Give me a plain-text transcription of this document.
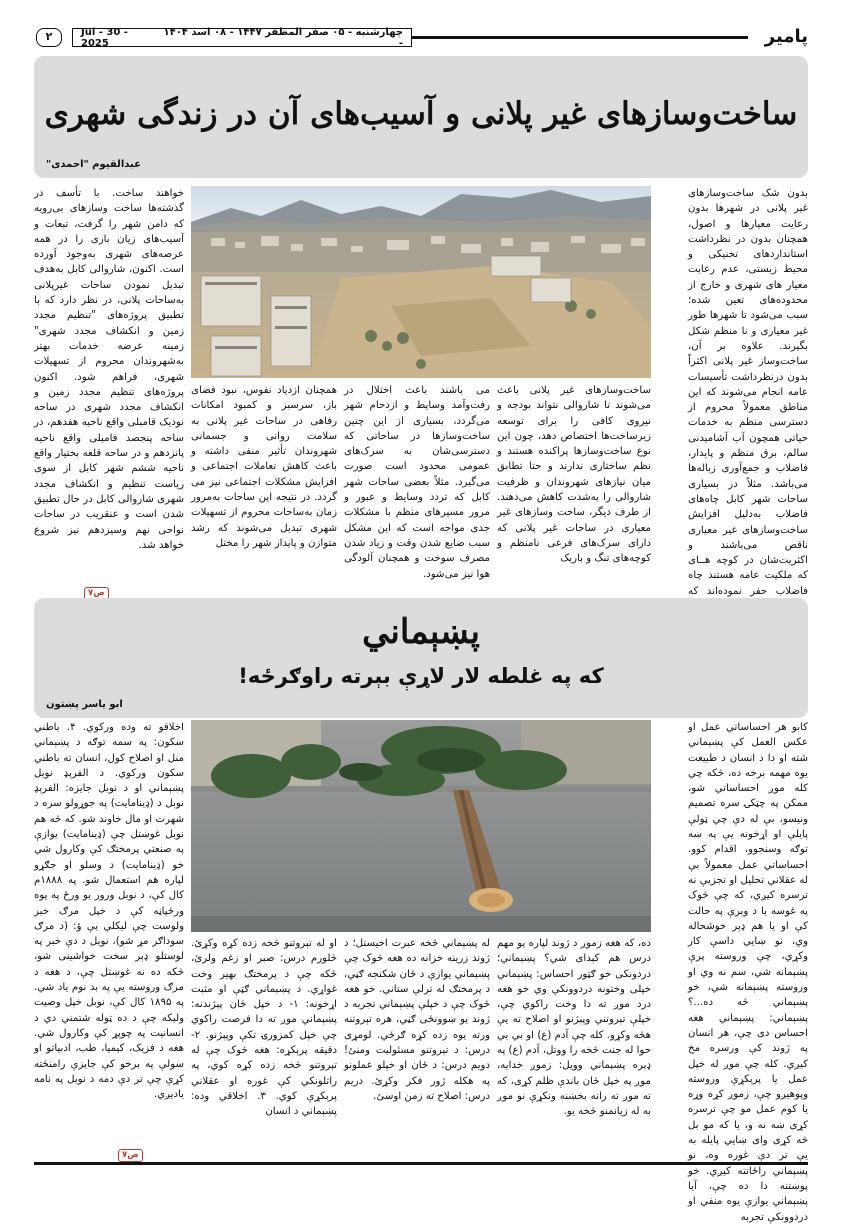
پامیر
چهارشنبه - ۰۵ صفر المظفر ۱۴۴۷ - ۰۸ اسد ۱۴۰۴ -
Jul - 30 - 2025
۲
ساخت‌وسازهای غیر پلانی و آسیب‌های آن در زندگی شهری
عبدالقیوم "احمدی"

بدون شک ساخت‌وسازهای غیر پلانی در شهرها بدون رعایت معیارها و اصول، همچنان بدون در نظرداشت استانداردهای تخنیکی و محیط زیستی، عدم رعایت معیار های شهری و خارج از محدوده‌های تعین شده؛ سبب می‌شود تا شهرها طور غیر معیاری و نا منظم شکل بگیرند. علاوه بر آن، ساخت‌وساز غیر پلانی اکثراً بدون درنظرداشت تأسیسات عامه انجام می‌شوند که این مناطق معمولاً محروم از دسترسی منظم به خدمات حیاتی همچون آب آشامیدنی سالم، برق منظم و پایدار، فاضلاب و جمع‌آوری زباله‌ها می‌باشد. مثلاً در بسیاری ساحات شهر کابل چاه‌های فاضلاب به‌دلیل افزایش ساخت‌وسازهای غیر معیاری ناقص می‌باشند و اکثریت‌شان در کوچه هــای که ملکیت عامه هستند چاه فاضلاب حفر نموده‌اند که

ساخت‌وسازهای غیر پلانی باعث می‌شوند تا شاروالی نتواند بودجه و نیروی کافی را برای توسعه زیرساخت‌ها اختصاص دهد، چون این نوع ساخت‌وسازها پراکنده هستند و نظم ساختاری ندارند و حتا تطابق میان نیازهای شهروندان و ظرفیت شاروالی را به‌شدت کاهش می‌دهند. از طرف دیگر، ساخت وسازهای غیر معیاری در ساحات غیر پلانی که دارای سرک‌های فرعی نامنظم و کوچه‌های تنگ و باریک

می باشند باعث اختلال در رفت‌وآمد وسایط و ازدحام شهر می‌گردد، بسیاری از این چنین ساخت‌وسازها در ساحاتی که دسترسی‌شان به سرک‌های عمومی محدود است صورت می‌گیرد. مثلاً بعضی ساحات شهر کابل که تردد وسایط و عبور و مرور مسیرهای منظم با مشکلات جدی مواجه است که این مشکل سبب ضایع شدن وقت و زیاد شدن مصرف سوخت و همچنان آلودگی هوا نیز می‌شود.

همچنان ازدیاد نفوس، نبود فضای باز، سرسبز و کمبود امکانات رفاهی در ساحات غیر پلانی به سلامت روانی و جسمانی شهروندان تأثیر منفی داشته و باعث کاهش تعاملات اجتماعی و افزایش مشکلات اجتماعی نیز می گردد. در نتیجه این ساحات به‌مرور زمان به‌ساحات محروم از تسهیلات شهری تبدیل می‌شوند که رشد متوازن و پایدار شهر را مختل

خواهند ساخت. با تأسف در گذشته‌ها ساخت وسازهای بی‌رویه که دامن شهر را گرفت، تبعات و آسیب‌های زیان باری را در همه عرصه‌های شهری به‌وجود آورده است. اکنون، شاروالی کابل به‌هدف تبدیل نمودن ساحات غیرپلانی به‌ساحات پلانی، در نظر دارد که با تطبیق پروژه‌های "تنظیم مجدد زمین و انکشاف مجدد شهری" زمینه عرضه خدمات بهتر به‌شهروندان محروم از تسهیلات شهری، فراهم شود. اکنون پروژه‌های تنظیم مجدد زمین و انکشاف مجدد شهری در ساحه نودیک قامبلی واقع ناحیه هفدهم، در ساحه پنجصد فامیلی واقع ناحیه پانزدهم و در ساحه قلعه بختیار واقع ناحیه ششم شهر کابل از سوی ریاست تنظیم و انکشاف مجدد شهری شاروالی کابل در حال تطبیق شدن است و عنقریب در ساحات نواحی نهم وسیزدهم نیز شروع خواهد شد.

ص۷
پښېماني
که په غلطه لار لاړې بېرته راوګرځه!
ابو یاسر پښتون

کابو هر احساساتي عمل او عکس العمل کې پښېماني شته او دا د انسان د طبیعت یوه مهمه برخه ده، څکه چي کله موږ احساساتي شو، ممکن په چټکۍ سره تصمیم ونیسو، بې له دې چي ټولې پایلې او اړخونه یې په ښه توګه وسنجوو، اقدام کوو. احساساتي عمل معمولاً بې له عقلاني تحلیل او تجزیې نه ترسره کیږي، که چې څوک په غوسه یا د وېرې په حالت کې او یا هم ډېر خوشحاله وي، نو ښایي داسې کار وکړي، چې وروسته پرې پښېمانه شي، سم نه وي او وروسته پښېمانه شي، خو پښېماني څه ده...؟ پښېماني: پښېماني هغه احساس دی چې، هر انسان په ژوند کې ورسره مخ کیږي. کله چې موږ له خپل عمل یا پرېکړې وروسته وپوهیږو چې، زموږ کړه وړه یا کوم عمل مو چې ترسره کړی ښه نه و، یا که مو بل څه کړی وای ښایي پایله به یې تر دې غوره وه، نو پښېماني راځانته کیږي. خو پوښتنه دا ده چې، آیا پښېماني یوازې یوه منفي او دردوونکې تجربه

ده، که هغه زموږ د ژوند لپاره یو مهم درس هم کېدای شي؟ پښېماني؛ دردونکی خو ګټور احساس: پښېماني خپلی وختونه دردوونکې وي خو هغه درد موږ ته دا وخت راکوي چې، خپلې تېروتني وپېژنو او اصلاح ته یې هڅه وکړو. کله چې آدم (ع) او بي بي حوا له جنت څخه را ووتل، آدم (ع) په ډېره پښېماني وویل: زموږ خدایه، موږ په خپل ځان باندې ظلم کړی، که ته موږ ته رانه بخښنه ونکړې نو موږ به له زیانمنو څخه یو.

له پښېماني څخه عبرت اخیستل؛ د ژوند زرینه خزانه ده هغه څوک چې پښېماني یوازې د ځان شکنجه ګڼي، د پرمختګ له ترلې ستاني. خو هغه څوک چې د خپلې پښېماني تجربه د ژوند یو ښوونځی ګڼي، هره تېروتنه ورته یوه زده کړه ګرځي. لومړی درس: د تېروتنو مسئولیت ومنئ! دویم درس: د ځان او خپلو عملونو په هکله ژور فکر وکړئ. دریم درس: اصلاح ته زمن اوسئ.

او له تېروتنو څخه زده کړه وکړئ. څلورم درس: صبر او زغم ولرئ، ځکه چې د پرمختګ بهیر وخت غواړي. د پښېماني ګټې او مثبت اړخونه: ۱- د خپل ځان پېژندنه: پښېماني موږ ته دا فرصت راکوي چې خپل کمزورۍ تکې وپېژنو. ۲- دقیقه پرېکړه: هغه څوک چې له تېروتنو څخه زده کړه کوي، په راتلونکي کې غوره او عقلاني پرېکړې کوي. ۳. اخلاقي وده: پښېماني د انسان

اخلاقو ته وده ورکوي. ۴. باطني سکون: په سمه توګه د پښېماني منل او اصلاح کول، انسان ته باطني سکون ورکوي. د الفرېډ نوبل پښېماني او د نوبل جایزه: الفرېډ نوبل د (ډینامایت) په جوړولو سره د شهرت او مال خاوند شو. که څه هم نوبل غوښتل چې (ډینامایت) یوازې په صنعتي پرمختګ کې وکارول شي خو (ډینامایت) د وسلو او جګړو لپاره هم استعمال شو. په ۱۸۸۸م کال کې، د نوبل ورور یو ورځ په یوه ورځپاڼه کې د خپل مرګ خبر ولوست چې لیکلي یې ؤ: (د مرګ سوداګر مړ شو)، نوبل د دې خبر په لوستلو ډېر سخت خواشینی شو، څکه ده نه غوښتل چې، د هغه د مرګ وروسته یې په بد نوم یاد شي. په ۱۸۹۵ کال کې، نوبل خپل وصیت ولیکه چې د ده ټوله شتمني دي د انسانیت په چوپړ کې وکارول شي. هغه د فزیک، کیمیا، طب، ادبیاتو او سولې په برخو کې جایزې رامنځته کړې چې تر دې دمه د نوبل په نامه یادیږي.

ص۷
